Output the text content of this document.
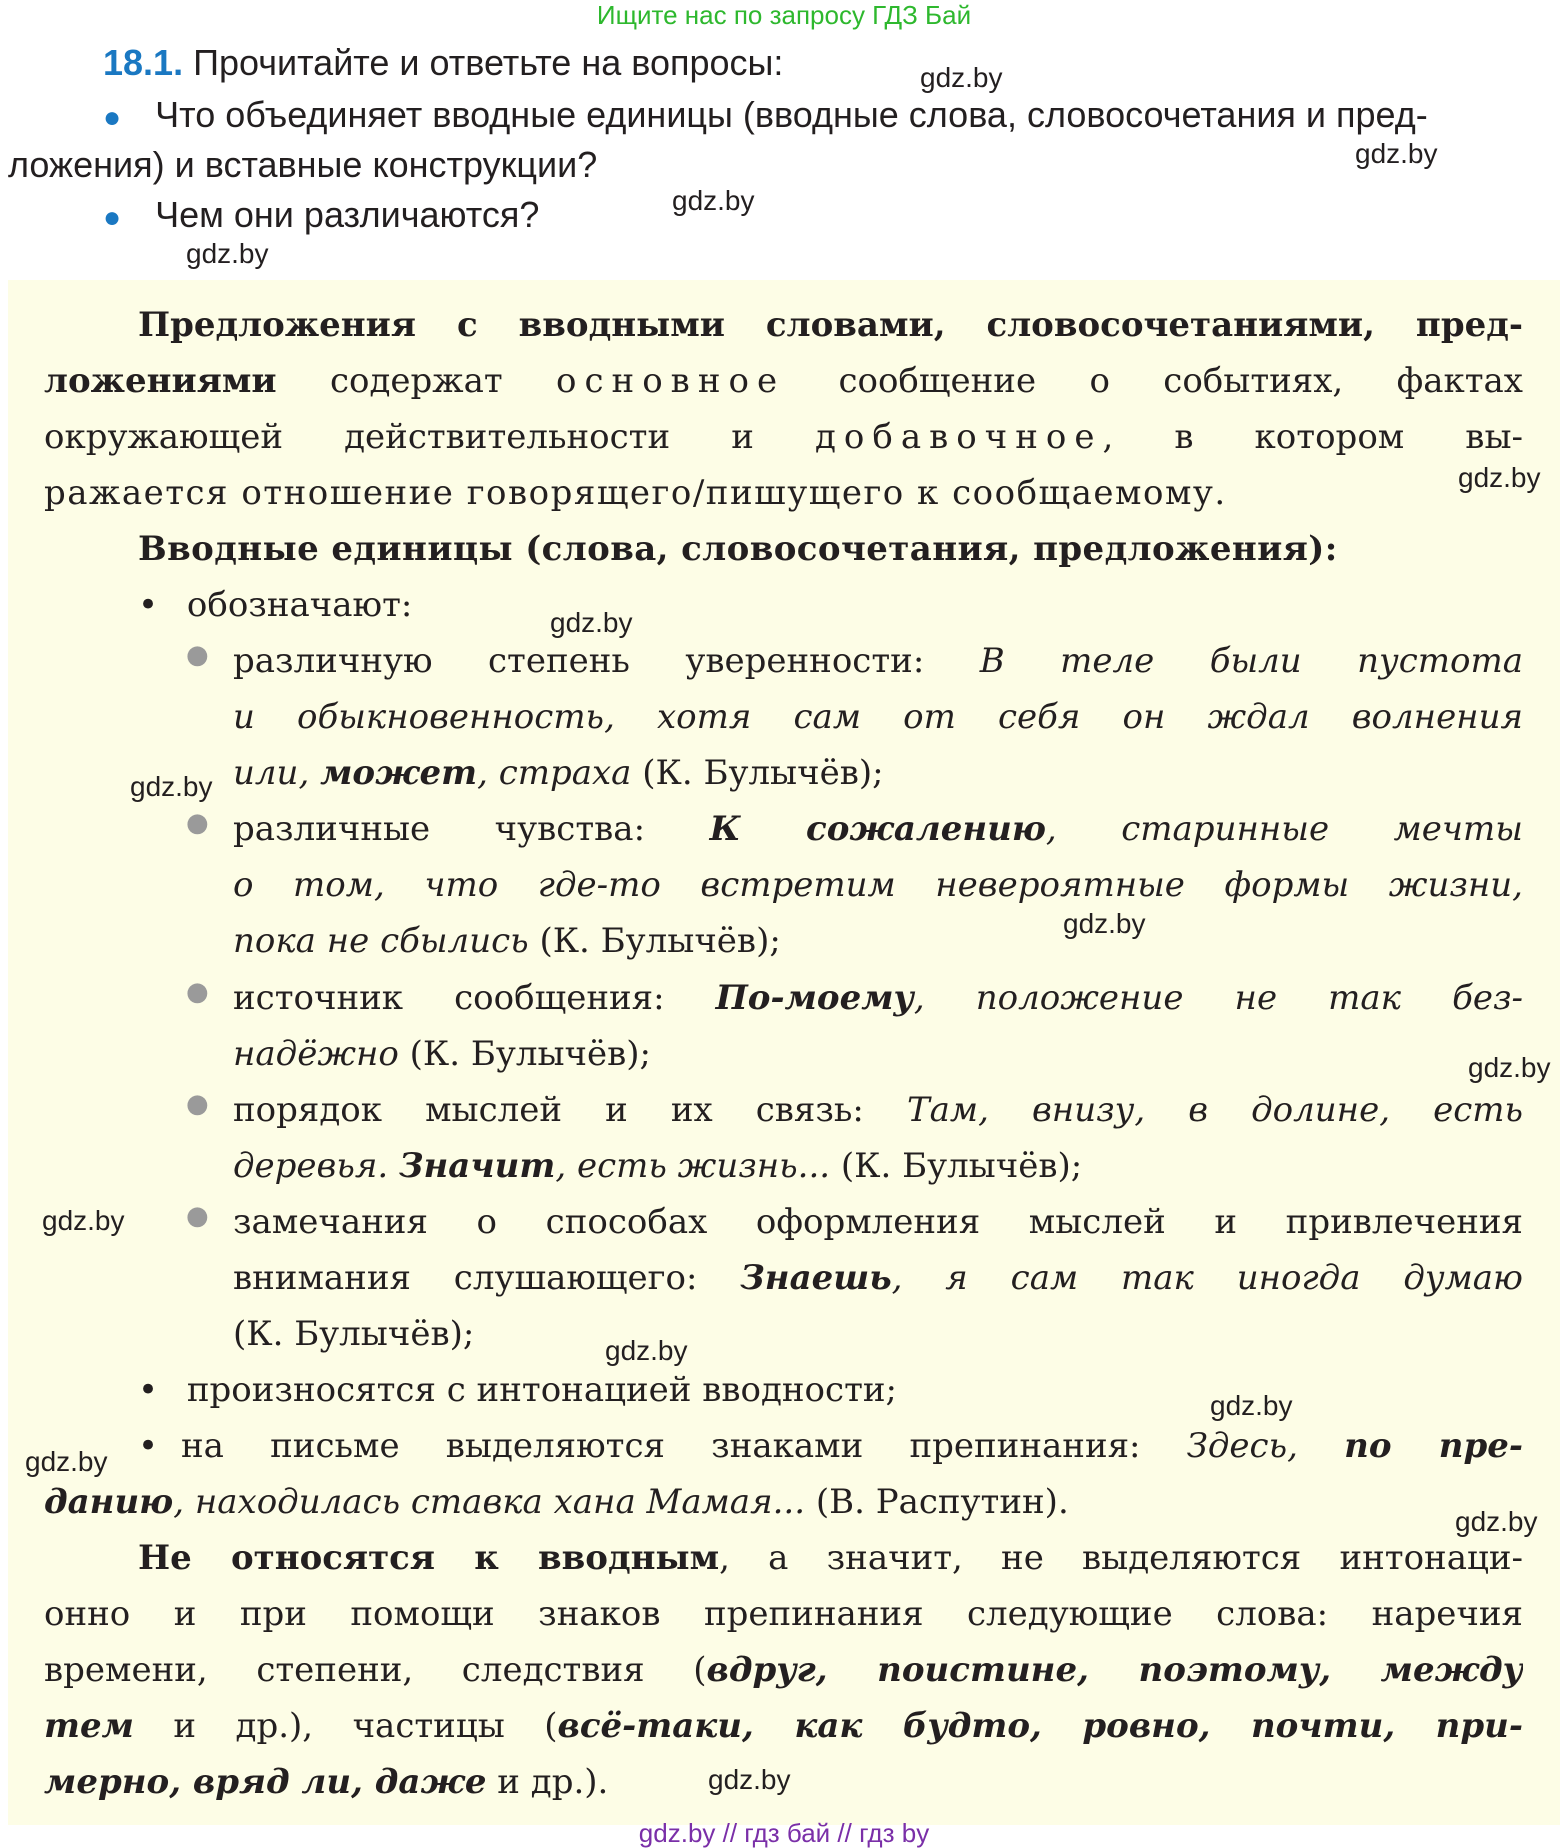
Ищите нас по запросу ГДЗ Бай
18.1. Прочитайте и ответьте на вопросы:
● Что объединяет вводные единицы (вводные слова, словосочетания и пред-
ложения) и вставные конструкции?
● Чем они различаются?
gdz.by
gdz.by
gdz.by
gdz.by
Предложения с вводными словами, словосочетаниями, пред-
ложениями содержат основное сообщение о событиях, фактах
окружающей действительности и добавочное, в котором вы-
ражается отношение говорящего/пишущего к сообщаемому.
Вводные единицы (слова, словосочетания, предложения):
• обозначают:
● различную степень уверенности: В теле были пустота
и обыкновенность, хотя сам от себя он ждал волнения
или, может, страха (К. Булычёв);
● различные чувства: К сожалению, старинные мечты
о том, что где-то встретим невероятные формы жизни,
пока не сбылись (К. Булычёв);
● источник сообщения: По-моему, положение не так без-
надёжно (К. Булычёв);
● порядок мыслей и их связь: Там, внизу, в долине, есть
деревья. Значит, есть жизнь... (К. Булычёв);
● замечания о способах оформления мыслей и привлечения
внимания слушающего: Знаешь, я сам так иногда думаю
(К. Булычёв);
• произносятся с интонацией вводности;
• на письме выделяются знаками препинания: Здесь, по пре-
данию, находилась ставка хана Мамая... (В. Распутин).
Не относятся к вводным, а значит, не выделяются интонаци-
онно и при помощи знаков препинания следующие слова: наречия
времени, степени, следствия (вдруг, поистине, поэтому, между
тем и др.), частицы (всё-таки, как будто, ровно, почти, при-
мерно, вряд ли, даже и др.).
gdz.by
gdz.by
gdz.by
gdz.by
gdz.by
gdz.by
gdz.by
gdz.by
gdz.by
gdz.by
gdz.by
gdz.by // гдз бай // гдз by
